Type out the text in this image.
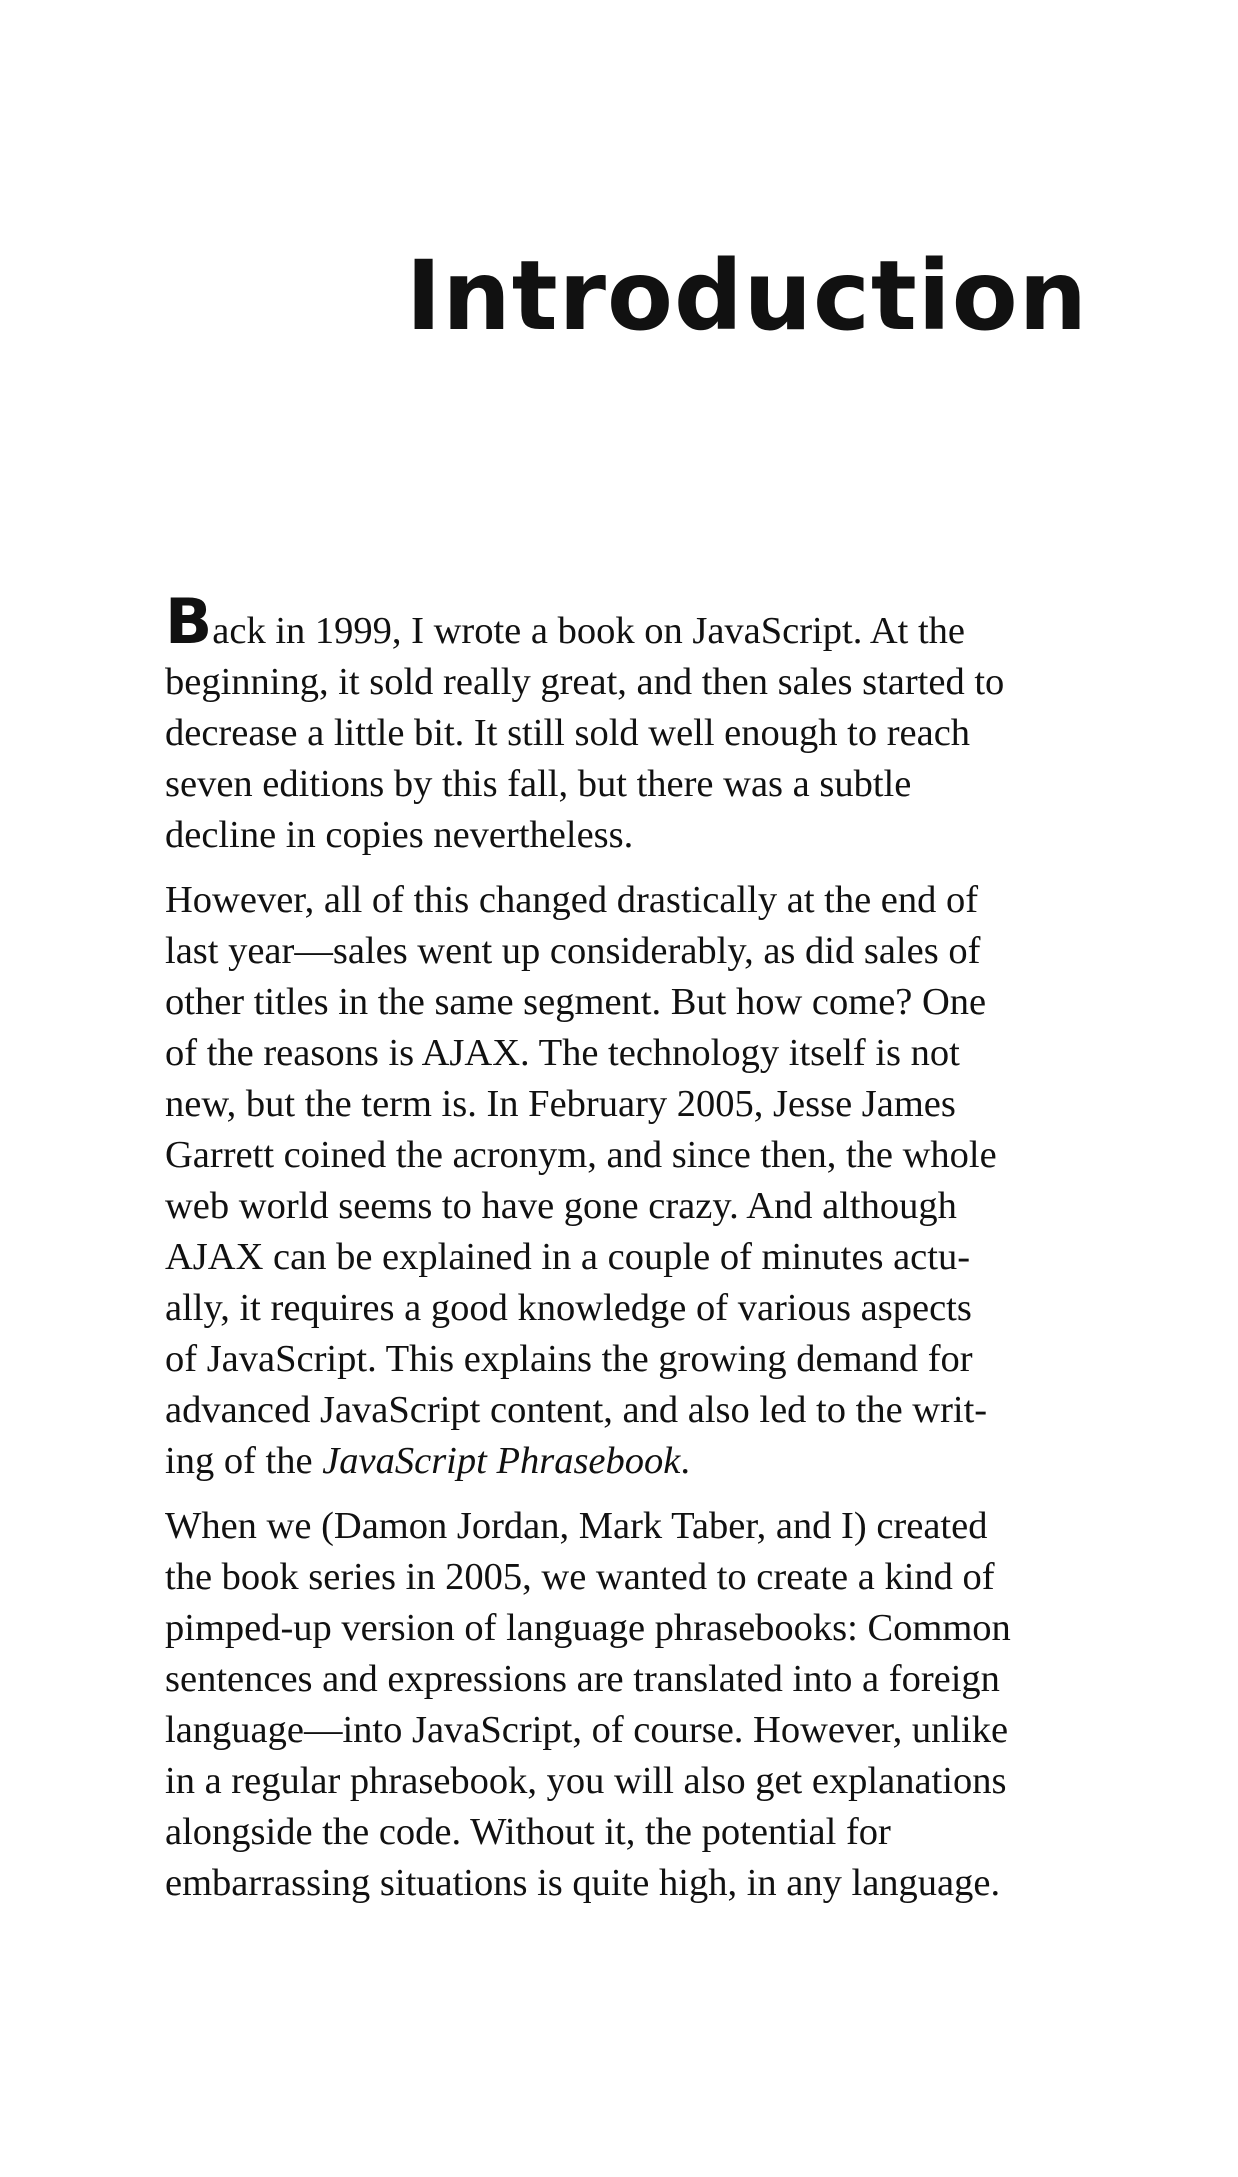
Introduction

Back in 1999, I wrote a book on JavaScript. At the
beginning, it sold really great, and then sales started to
decrease a little bit. It still sold well enough to reach
seven editions by this fall, but there was a subtle
decline in copies nevertheless.

However, all of this changed drastically at the end of
last year—sales went up considerably, as did sales of
other titles in the same segment. But how come? One
of the reasons is AJAX. The technology itself is not
new, but the term is. In February 2005, Jesse James
Garrett coined the acronym, and since then, the whole
web world seems to have gone crazy. And although
AJAX can be explained in a couple of minutes actu-
ally, it requires a good knowledge of various aspects
of JavaScript. This explains the growing demand for
advanced JavaScript content, and also led to the writ-
ing of the JavaScript Phrasebook.

When we (Damon Jordan, Mark Taber, and I) created
the book series in 2005, we wanted to create a kind of
pimped-up version of language phrasebooks: Common
sentences and expressions are translated into a foreign
language—into JavaScript, of course. However, unlike
in a regular phrasebook, you will also get explanations
alongside the code. Without it, the potential for
embarrassing situations is quite high, in any language.
